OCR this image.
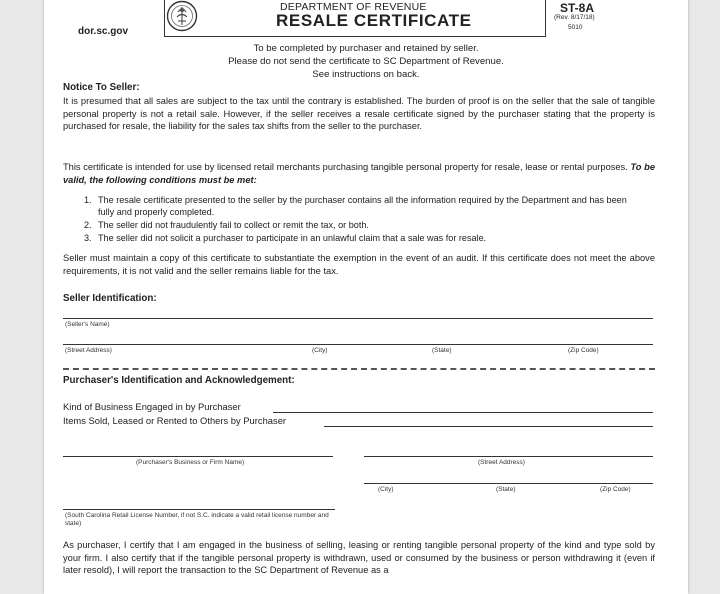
DEPARTMENT OF REVENUE
RESALE CERTIFICATE
dor.sc.gov
ST-8A
(Rev. 8/17/18)
5010
To be completed by purchaser and retained by seller.
Please do not send the certificate to SC Department of Revenue.
See instructions on back.
Notice To Seller:
It is presumed that all sales are subject to the tax until the contrary is established. The burden of proof is on the seller that the sale of tangible personal property is not a retail sale. However, if the seller receives a resale certificate signed by the purchaser stating that the property is purchased for resale, the liability for the sales tax shifts from the seller to the purchaser.
This certificate is intended for use by licensed retail merchants purchasing tangible personal property for resale, lease or rental purposes. To be valid, the following conditions must be met:
1. The resale certificate presented to the seller by the purchaser contains all the information required by the Department and has been fully and properly completed.
2. The seller did not fraudulently fail to collect or remit the tax, or both.
3. The seller did not solicit a purchaser to participate in an unlawful claim that a sale was for resale.
Seller must maintain a copy of this certificate to substantiate the exemption in the event of an audit. If this certificate does not meet the above requirements, it is not valid and the seller remains liable for the tax.
Seller Identification:
(Seller's Name)
(Street Address)	(City)	(State)	(Zip Code)
Purchaser's Identification and Acknowledgement:
Kind of Business Engaged in by Purchaser
Items Sold, Leased or Rented to Others by Purchaser
(Purchaser's Business or Firm Name)	(Street Address)
(City)	(State)	(Zip Code)
(South Carolina Retail License Number, if not S.C. indicate a valid retail license number and state)
As purchaser, I certify that I am engaged in the business of selling, leasing or renting tangible personal property of the kind and type sold by your firm. I also certify that if the tangible personal property is withdrawn, used or consumed by the business or person withdrawing it (even if later resold), I will report the transaction to the SC Department of Revenue as a
